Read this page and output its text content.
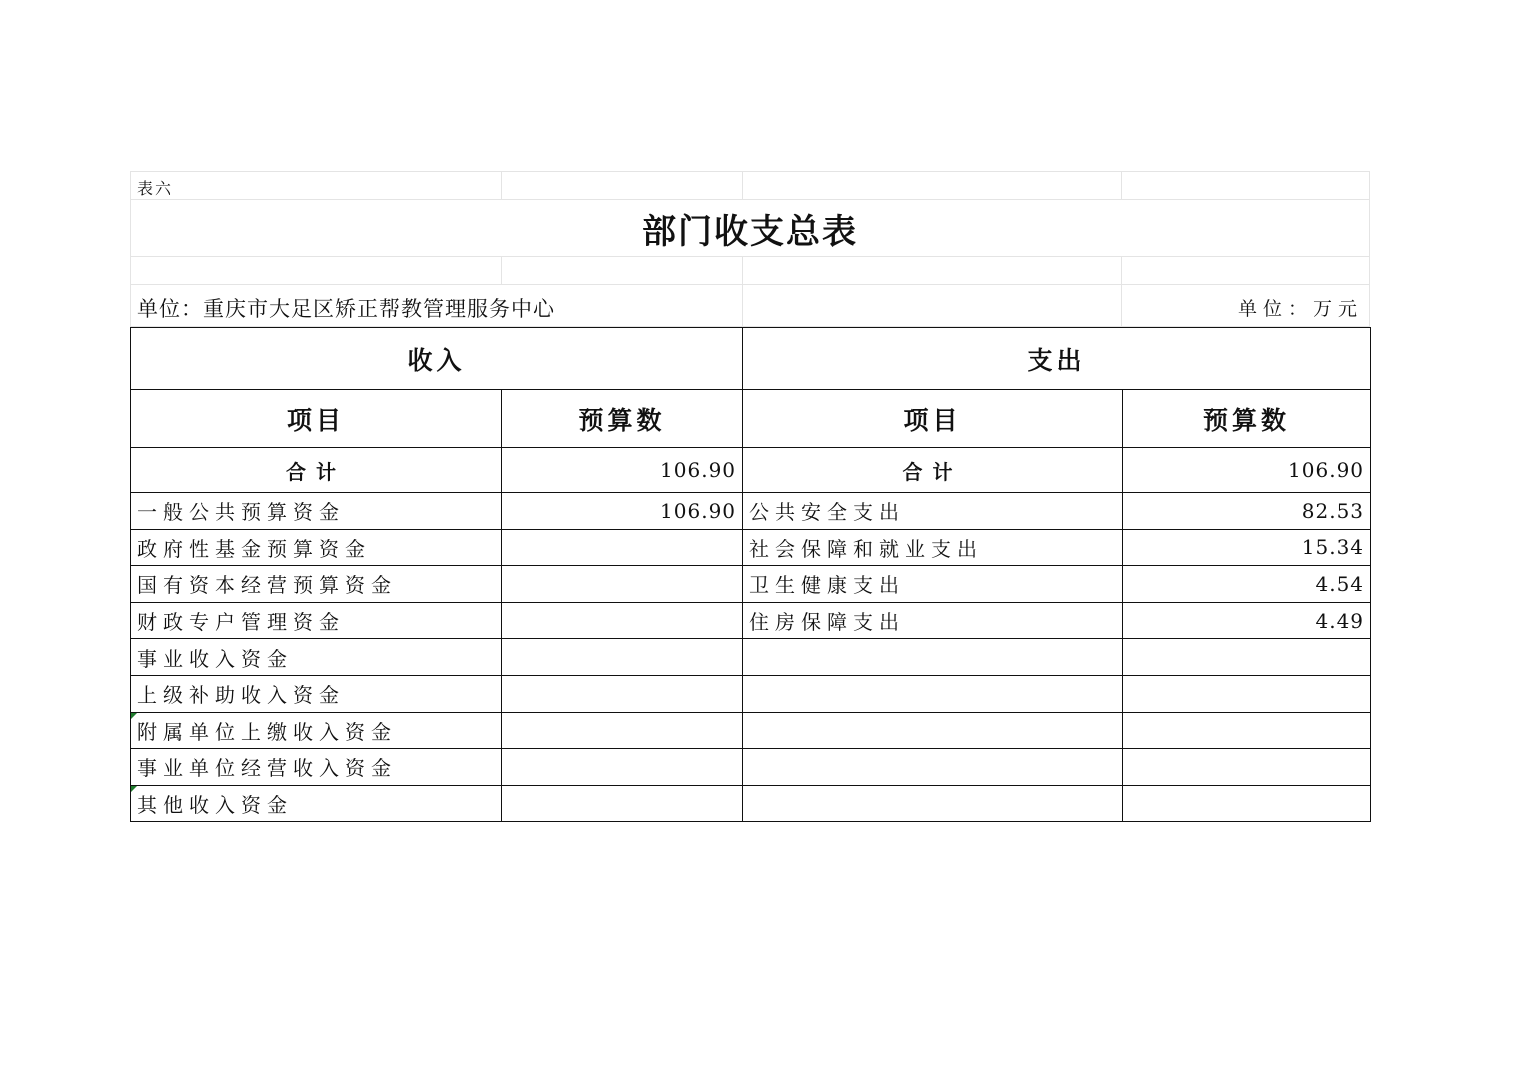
表六
部门收支总表
单位：重庆市大足区矫正帮教管理服务中心	单位：万元
收入		支出	
项目	预算数	项目	预算数
合计	106.90	合计	106.90
一般公共预算资金	106.90	公共安全支出	82.53
政府性基金预算资金		社会保障和就业支出	15.34
国有资本经营预算资金		卫生健康支出	4.54
财政专户管理资金		住房保障支出	4.49
事业收入资金			
上级补助收入资金			
附属单位上缴收入资金			
事业单位经营收入资金			
其他收入资金			
